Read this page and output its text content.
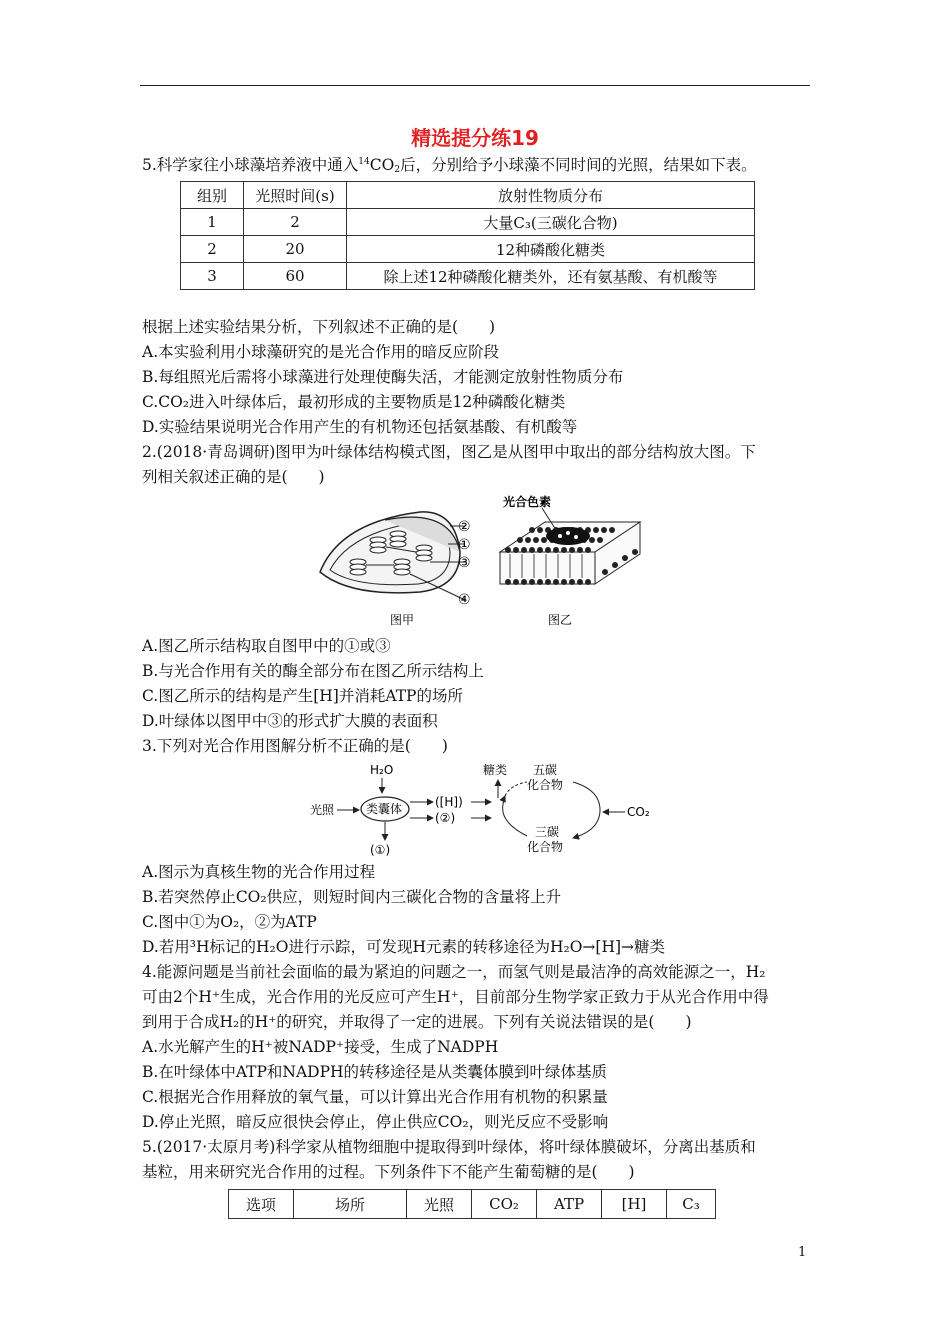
精选提分练19
5.科学家往小球藻培养液中通入$^{14}CO_2$后，分别给予小球藻不同时间的光照，结果如下表。
组别	光照时间(s)	放射性物质分布
1	2	大量C₃(三碳化合物)
2	20	12种磷酸化糖类
3	60	除上述12种磷酸化糖类外，还有氨基酸、有机酸等
根据上述实验结果分析，下列叙述不正确的是(　　)
A.本实验利用小球藻研究的是光合作用的暗反应阶段
B.每组照光后需将小球藻进行处理使酶失活，才能测定放射性物质分布
C.CO₂进入叶绿体后，最初形成的主要物质是12种磷酸化糖类
D.实验结果说明光合作用产生的有机物还包括氨基酸、有机酸等
2.(2018·青岛调研)图甲为叶绿体结构模式图，图乙是从图甲中取出的部分结构放大图。下
列相关叙述正确的是(　　)
②
①
③
④
图甲
光合色素
图乙
A.图乙所示结构取自图甲中的①或③
B.与光合作用有关的酶全部分布在图乙所示结构上
C.图乙所示的结构是产生[H]并消耗ATP的场所
D.叶绿体以图甲中③的形式扩大膜的表面积
3.下列对光合作用图解分析不正确的是(　　)
H₂O
光照	类囊体	([H])
(②)
(①)
糖类 五碳
化合物
CO₂
三碳
化合物
A.图示为真核生物的光合作用过程
B.若突然停止CO₂供应，则短时间内三碳化合物的含量将上升
C.图中①为O₂，②为ATP
D.若用³H标记的H₂O进行示踪，可发现H元素的转移途径为H₂O→[H]→糖类
4.能源问题是当前社会面临的最为紧迫的问题之一，而氢气则是最洁净的高效能源之一，H₂
可由2个H⁺生成，光合作用的光反应可产生H⁺，目前部分生物学家正致力于从光合作用中得
到用于合成H₂的H⁺的研究，并取得了一定的进展。下列有关说法错误的是(　　)
A.水光解产生的H⁺被NADP⁺接受，生成了NADPH
B.在叶绿体中ATP和NADPH的转移途径是从类囊体膜到叶绿体基质
C.根据光合作用释放的氧气量，可以计算出光合作用有机物的积累量
D.停止光照，暗反应很快会停止，停止供应CO₂，则光反应不受影响
5.(2017·太原月考)科学家从植物细胞中提取得到叶绿体，将叶绿体膜破坏，分离出基质和
基粒，用来研究光合作用的过程。下列条件下不能产生葡萄糖的是(　　)
选项	场所	光照	CO₂	ATP	[H]	C₃
1
